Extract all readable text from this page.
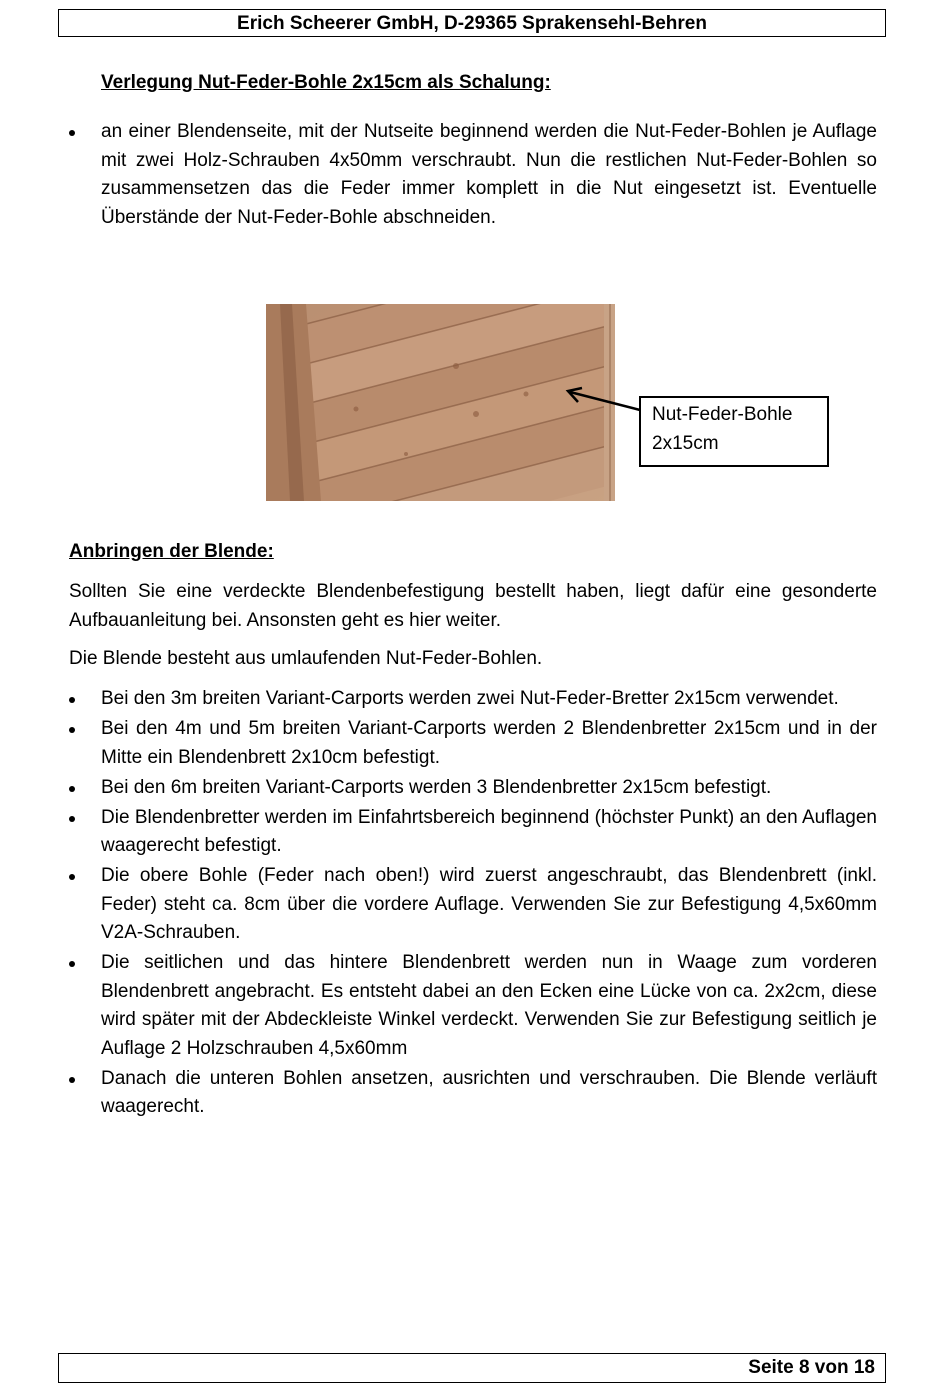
Erich Scheerer GmbH, D-29365 Sprakensehl-Behren
Verlegung Nut-Feder-Bohle 2x15cm als Schalung:
an einer Blendenseite, mit der Nutseite beginnend werden die Nut-Feder-Bohlen je Auflage mit zwei Holz-Schrauben 4x50mm verschraubt. Nun die restlichen Nut-Feder-Bohlen so zusammensetzen das die Feder immer komplett in die Nut eingesetzt ist. Eventuelle Überstände der Nut-Feder-Bohle abschneiden.
Nut-Feder-Bohle
2x15cm
Anbringen der Blende:
Sollten Sie eine verdeckte Blendenbefestigung bestellt haben, liegt dafür eine gesonderte Aufbauanleitung bei. Ansonsten geht es hier weiter.
Die Blende besteht aus umlaufenden Nut-Feder-Bohlen.
Bei den 3m breiten Variant-Carports werden zwei Nut-Feder-Bretter 2x15cm verwendet.
Bei den 4m und 5m breiten Variant-Carports werden 2 Blendenbretter 2x15cm und in der Mitte ein Blendenbrett 2x10cm befestigt.
Bei den 6m breiten Variant-Carports werden 3 Blendenbretter 2x15cm befestigt.
Die Blendenbretter werden im Einfahrtsbereich beginnend (höchster Punkt) an den Auflagen waagerecht befestigt.
Die obere Bohle (Feder nach oben!) wird zuerst angeschraubt, das Blendenbrett (inkl. Feder) steht ca. 8cm über die vordere Auflage. Verwenden Sie zur Befestigung 4,5x60mm V2A-Schrauben.
Die seitlichen und das hintere Blendenbrett werden nun in Waage zum vorderen Blendenbrett angebracht. Es entsteht dabei an den Ecken eine Lücke von ca. 2x2cm, diese wird später mit der Abdeckleiste Winkel verdeckt. Verwenden Sie zur Befestigung seitlich je Auflage 2 Holzschrauben 4,5x60mm
Danach die unteren Bohlen ansetzen, ausrichten und verschrauben. Die Blende verläuft waagerecht.
Seite 8 von 18
